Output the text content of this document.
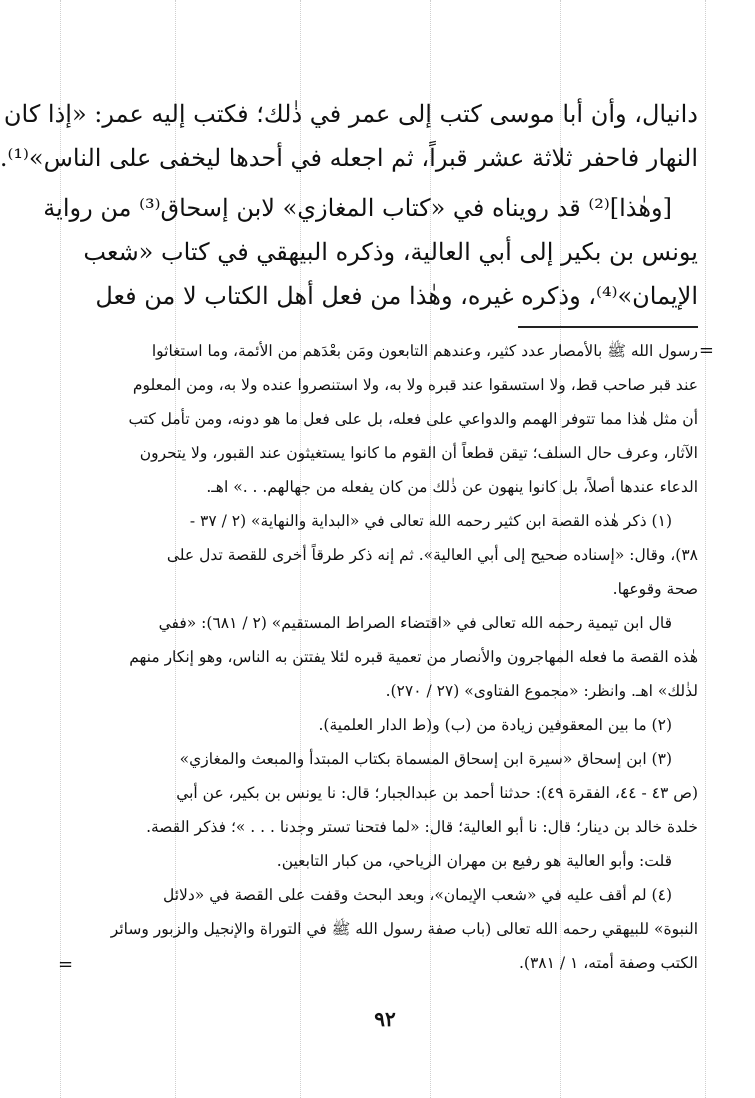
دانيال، وأن أبا موسى كتب إلى عمر في ذٰلك؛ فكتب إليه عمر: «إذا كان
النهار فاحفر ثلاثة عشر قبراً، ثم اجعله في أحدها ليخفى على الناس»⁽¹⁾.
[وهٰذا]⁽²⁾ قد رويناه في «كتاب المغازي» لابن إسحاق⁽³⁾ من رواية
يونس بن بكير إلى أبي العالية، وذكره البيهقي في كتاب «شعب
الإيمان»⁽⁴⁾، وذكره غيره، وهٰذا من فعل أهل الكتاب لا من فعل
=
رسول الله ﷺ بالأمصار عدد كثير، وعندهم التابعون ومَن بعْدَهم من الأئمة، وما استغاثوا
عند قبر صاحب قط، ولا استسقوا عند قبره ولا به، ولا استنصروا عنده ولا به، ومن المعلوم
أن مثل هٰذا مما تتوفر الهمم والدواعي على فعله، بل على فعل ما هو دونه، ومن تأمل كتب
الآثار، وعرف حال السلف؛ تيقن قطعاً أن القوم ما كانوا يستغيثون عند القبور، ولا يتحرون
الدعاء عندها أصلاً، بل كانوا ينهون عن ذٰلك من كان يفعله من جهالهم. . .» اهـ.
(١) ذكر هٰذه القصة ابن كثير رحمه الله تعالى في «البداية والنهاية» (٢ / ٣٧ -
٣٨)، وقال: «إسناده صحيح إلى أبي العالية». ثم إنه ذكر طرقاً أخرى للقصة تدل على
صحة وقوعها.
قال ابن تيمية رحمه الله تعالى في «اقتضاء الصراط المستقيم» (٢ / ٦٨١): «ففي
هٰذه القصة ما فعله المهاجرون والأنصار من تعمية قبره لئلا يفتتن به الناس، وهو إنكار منهم
لذٰلك» اهـ. وانظر: «مجموع الفتاوى» (٢٧ / ٢٧٠).
(٢) ما بين المعقوفين زيادة من (ب) و(ط الدار العلمية).
(٣) ابن إسحاق «سيرة ابن إسحاق المسماة بكتاب المبتدأ والمبعث والمغازي»
(ص ٤٣ - ٤٤، الفقرة ٤٩): حدثنا أحمد بن عبدالجبار؛ قال: نا يونس بن بكير، عن أبي
خلدة خالد بن دينار؛ قال: نا أبو العالية؛ قال: «لما فتحنا تستر وجدنا . . . »؛ فذكر القصة.
قلت: وأبو العالية هو رفيع بن مهران الرياحي، من كبار التابعين.
(٤) لم أقف عليه في «شعب الإيمان»، وبعد البحث وقفت على القصة في «دلائل
النبوة» للبيهقي رحمه الله تعالى (باب صفة رسول الله ﷺ في التوراة والإنجيل والزبور وسائر
الكتب وصفة أمته، ١ / ٣٨١).
=
٩٢
